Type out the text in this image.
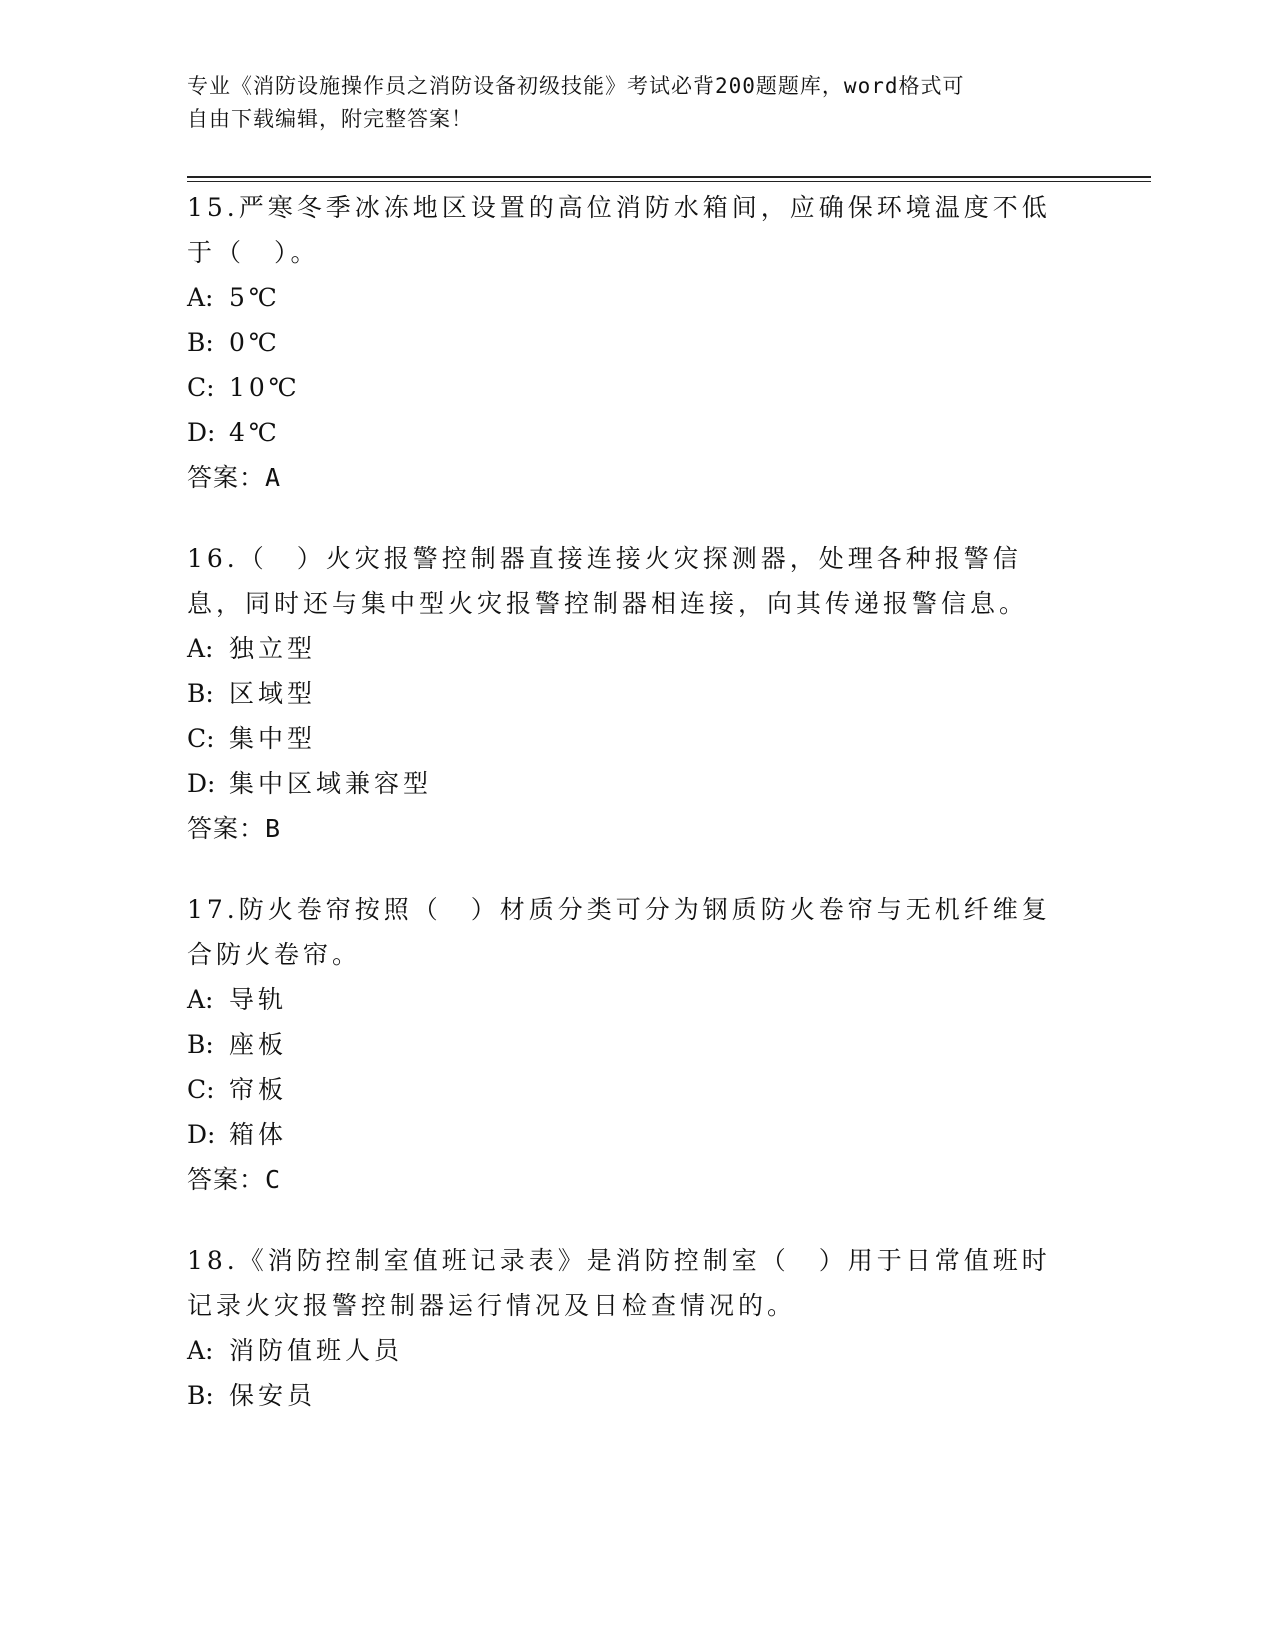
专业《消防设施操作员之消防设备初级技能》考试必背200题题库，word格式可
自由下载编辑，附完整答案！
15.严寒冬季冰冻地区设置的高位消防水箱间，应确保环境温度不低于（　）。
A: 5℃
B: 0℃
C: 10℃
D: 4℃
答案：A
16.（　）火灾报警控制器直接连接火灾探测器，处理各种报警信息，同时还与集中型火灾报警控制器相连接，向其传递报警信息。
A: 独立型
B: 区域型
C: 集中型
D: 集中区域兼容型
答案：B
17.防火卷帘按照（　）材质分类可分为钢质防火卷帘与无机纤维复合防火卷帘。
A: 导轨
B: 座板
C: 帘板
D: 箱体
答案：C
18.《消防控制室值班记录表》是消防控制室（　）用于日常值班时记录火灾报警控制器运行情况及日检查情况的。
A: 消防值班人员
B: 保安员
